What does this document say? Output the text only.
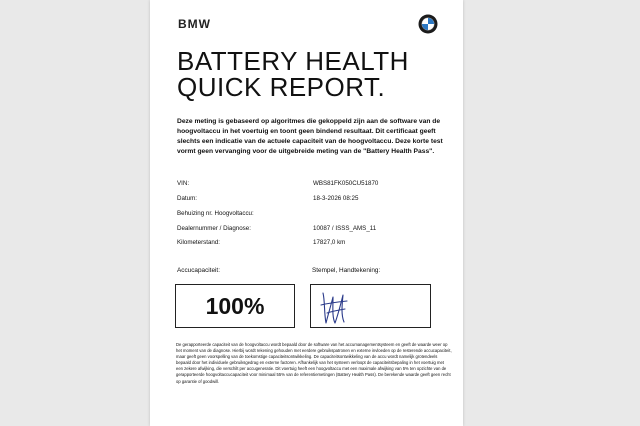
BMW
BATTERY HEALTH
QUICK REPORT.
Deze meting is gebaseerd op algoritmes die gekoppeld zijn aan de software van de hoogvoltaccu in het voertuig en toont geen bindend resultaat. Dit certificaat geeft slechts een indicatie van de actuele capaciteit van de hoogvoltaccu. Deze korte test vormt geen vervanging voor de uitgebreide meting van de "Battery Health Pass".
VIN:	WBS81FK050CU51870
Datum:	18-3-2026 08:25
Behuizing nr. Hoogvoltaccu:
Dealernummer / Diagnose:	10087 / ISSS_AMS_11
Kilometerstand:	17827,0 km
Accucapaciteit:	Stempel, Handtekening:
100%
De gerapporteerde capaciteit van de hoogvoltaccu wordt bepaald door de software van het accumanagementsysteem en geeft de waarde weer op het moment van de diagnose. Hierbij wordt rekening gehouden met eerdere gebruikspatronen en externe invloeden op de resterende accucapaciteit, maar geeft geen voorspelling van de toekomstige capaciteitsontwikkeling. De capaciteitsontwikkeling van de accu wordt namelijk grotendeels bepaald door het individuele gebruiksgedrag en externe factoren. Afhankelijk van het systeem verloopt de capaciteitsbepaling in het voertuig met een zekere afwijking, die verschilt per accugeneratie. Dit voertuig heeft een hoogvoltaccu met een maximale afwijking van 5% ten opzichte van de gerapporteerde hoogvoltaccucapaciteit voor minimaal 55% van de referentiemetingen (Battery Health Pass). De berekende waarde geeft geen recht op garantie of goodwill.
